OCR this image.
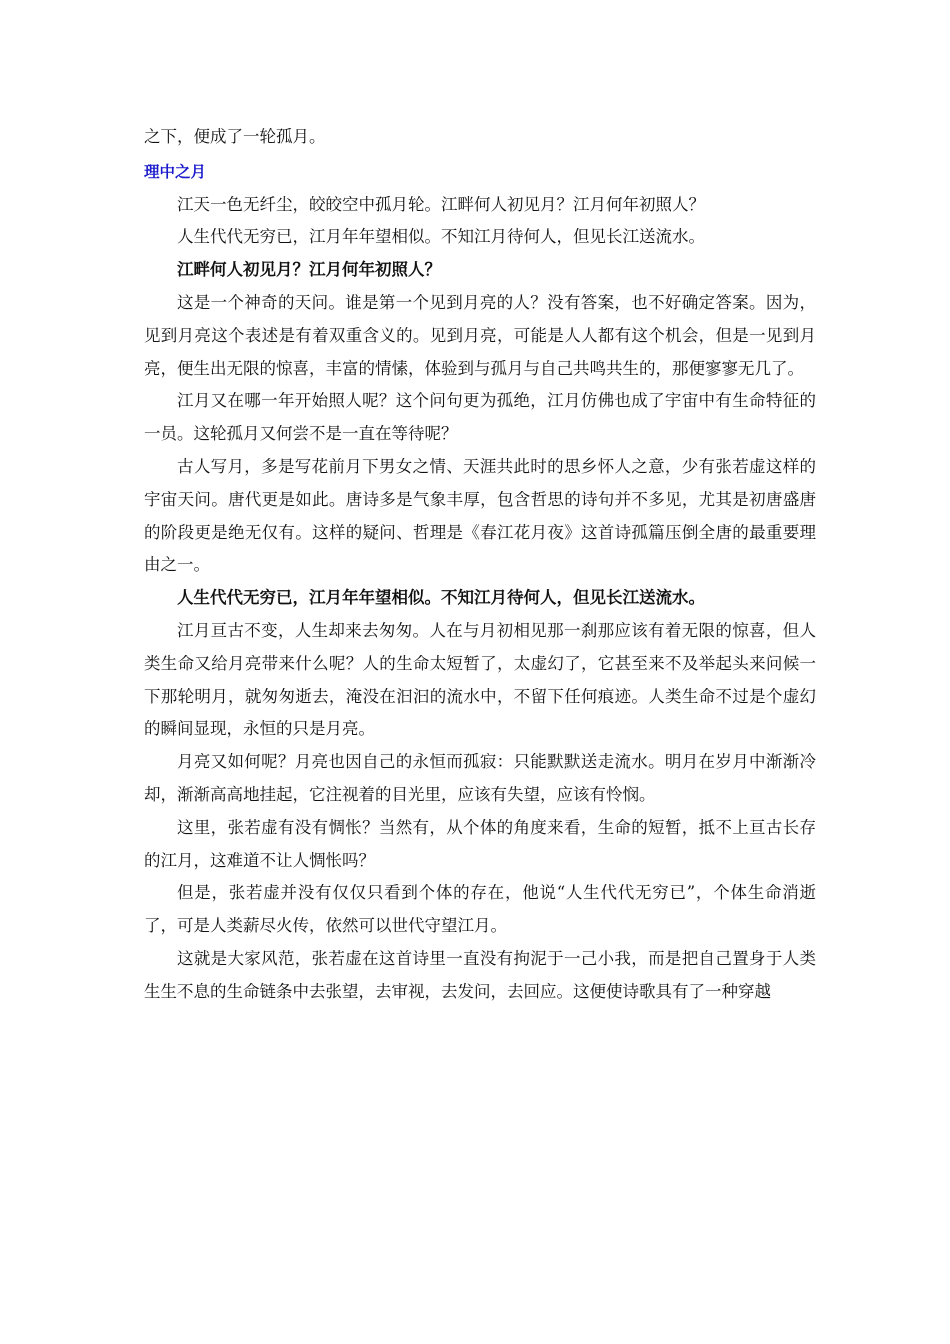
之下，便成了一轮孤月。

理中之月

江天一色无纤尘，皎皎空中孤月轮。江畔何人初见月？江月何年初照人？

人生代代无穷已，江月年年望相似。不知江月待何人，但见长江送流水。

江畔何人初见月？江月何年初照人？

这是一个神奇的天问。谁是第一个见到月亮的人？没有答案，也不好确定答案。因为，见到月亮这个表述是有着双重含义的。见到月亮，可能是人人都有这个机会，但是一见到月亮，便生出无限的惊喜，丰富的情愫，体验到与孤月与自己共鸣共生的，那便寥寥无几了。

江月又在哪一年开始照人呢？这个问句更为孤绝，江月仿佛也成了宇宙中有生命特征的一员。这轮孤月又何尝不是一直在等待呢？

古人写月，多是写花前月下男女之情、天涯共此时的思乡怀人之意，少有张若虚这样的宇宙天问。唐代更是如此。唐诗多是气象丰厚，包含哲思的诗句并不多见，尤其是初唐盛唐的阶段更是绝无仅有。这样的疑问、哲理是《春江花月夜》这首诗孤篇压倒全唐的最重要理由之一。

人生代代无穷已，江月年年望相似。不知江月待何人，但见长江送流水。

江月亘古不变，人生却来去匆匆。人在与月初相见那一刹那应该有着无限的惊喜，但人类生命又给月亮带来什么呢？人的生命太短暂了，太虚幻了，它甚至来不及举起头来问候一下那轮明月，就匆匆逝去，淹没在汩汩的流水中，不留下任何痕迹。人类生命不过是个虚幻的瞬间显现，永恒的只是月亮。

月亮又如何呢？月亮也因自己的永恒而孤寂：只能默默送走流水。明月在岁月中渐渐冷却，渐渐高高地挂起，它注视着的目光里，应该有失望，应该有怜悯。

这里，张若虚有没有惆怅？当然有，从个体的角度来看，生命的短暂，抵不上亘古长存的江月，这难道不让人惆怅吗？

但是，张若虚并没有仅仅只看到个体的存在，他说“人生代代无穷已”，个体生命消逝了，可是人类薪尽火传，依然可以世代守望江月。

这就是大家风范，张若虚在这首诗里一直没有拘泥于一己小我，而是把自己置身于人类生生不息的生命链条中去张望，去审视，去发问，去回应。这便使诗歌具有了一种穿越
